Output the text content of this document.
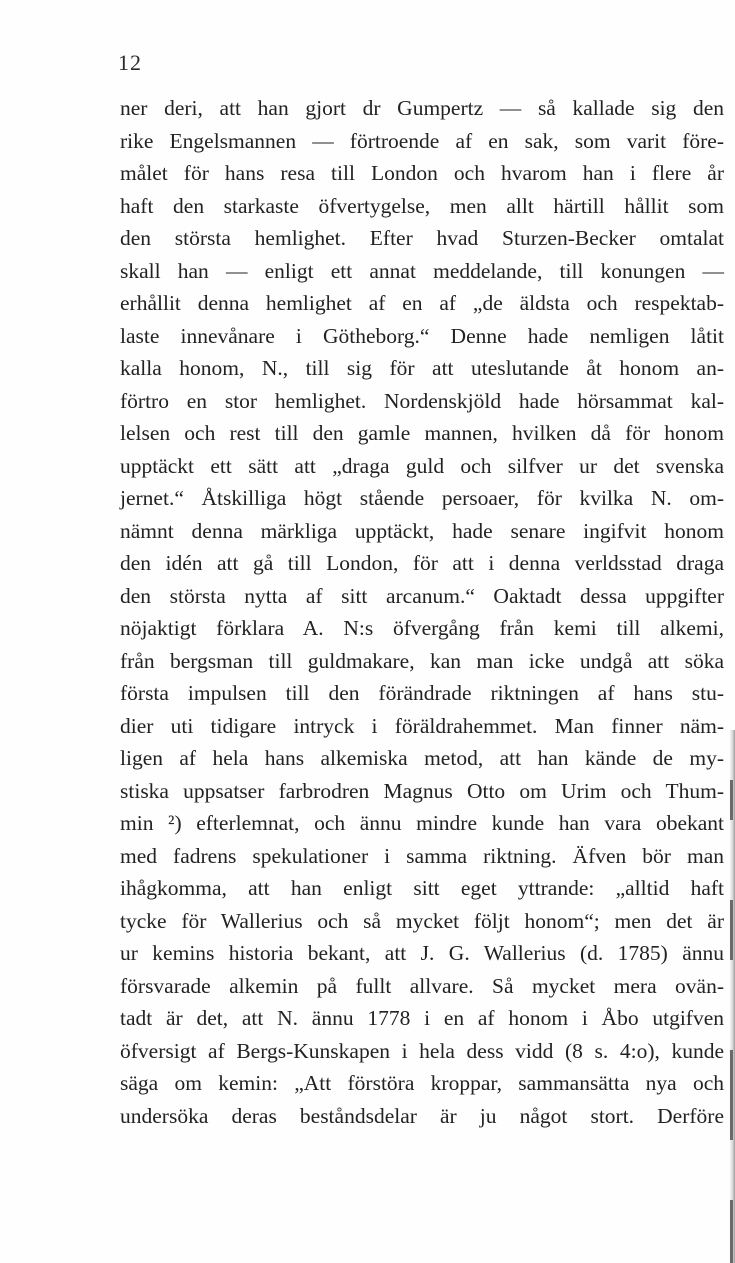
12
ner deri, att han gjort dr Gumpertz — så kallade sig den
rike Engelsmannen — förtroende af en sak, som varit före-
målet för hans resa till London och hvarom han i flere år
haft den starkaste öfvertygelse, men allt härtill hållit som
den största hemlighet. Efter hvad Sturzen-Becker omtalat
skall han — enligt ett annat meddelande, till konungen —
erhållit denna hemlighet af en af „de äldsta och respektab-
laste innevånare i Götheborg.“ Denne hade nemligen låtit
kalla honom, N., till sig för att uteslutande åt honom an-
förtro en stor hemlighet. Nordenskjöld hade hörsammat kal-
lelsen och rest till den gamle mannen, hvilken då för honom
upptäckt ett sätt att „draga guld och silfver ur det svenska
jernet.“ Åtskilliga högt stående persoaer, för kvilka N. om-
nämnt denna märkliga upptäckt, hade senare ingifvit honom
den idén att gå till London, för att i denna verldsstad draga
den största nytta af sitt arcanum.“ Oaktadt dessa uppgifter
nöjaktigt förklara A. N:s öfvergång från kemi till alkemi,
från bergsman till guldmakare, kan man icke undgå att söka
första impulsen till den förändrade riktningen af hans stu-
dier uti tidigare intryck i föräldrahemmet. Man finner näm-
ligen af hela hans alkemiska metod, att han kände de my-
stiska uppsatser farbrodren Magnus Otto om Urim och Thum-
min ²) efterlemnat, och ännu mindre kunde han vara obekant
med fadrens spekulationer i samma riktning. Äfven bör man
ihågkomma, att han enligt sitt eget yttrande: „alltid haft
tycke för Wallerius och så mycket följt honom“; men det är
ur kemins historia bekant, att J. G. Wallerius (d. 1785) ännu
försvarade alkemin på fullt allvare. Så mycket mera ovän-
tadt är det, att N. ännu 1778 i en af honom i Åbo utgifven
öfversigt af Bergs-Kunskapen i hela dess vidd (8 s. 4:o), kunde
säga om kemin: „Att förstöra kroppar, sammansätta nya och
undersöka deras beståndsdelar är ju något stort. Derföre
